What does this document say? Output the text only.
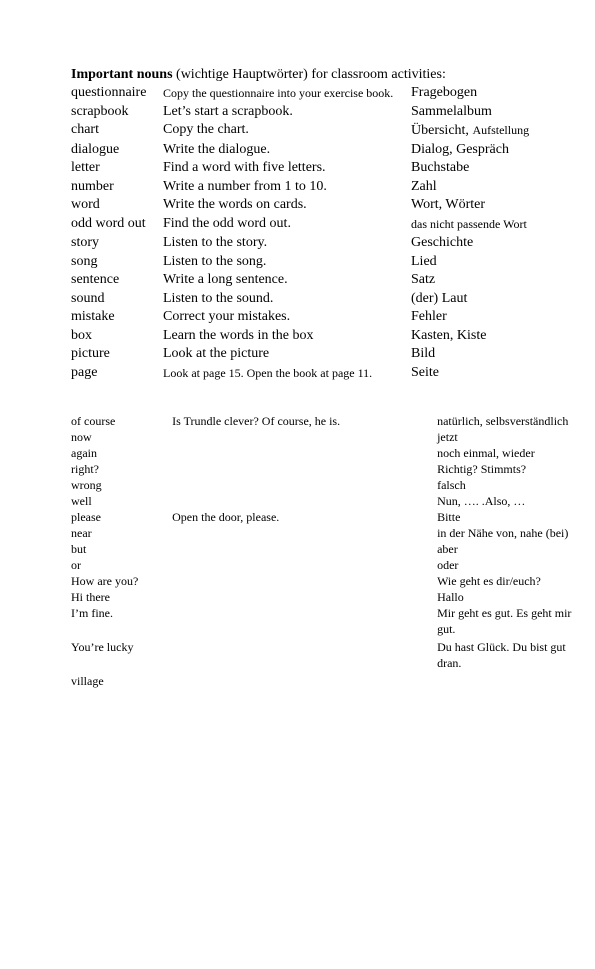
Important nouns (wichtige Hauptwörter) for classroom activities:
questionnaire	Copy the questionnaire into your exercise book.	Fragebogen
scrapbook	Let’s start a scrapbook.	Sammelalbum
chart	Copy the chart.	Übersicht, Aufstellung
dialogue	Write the dialogue.	Dialog, Gespräch
letter	Find a word with five letters.	Buchstabe
number	Write a number from 1 to 10.	Zahl
word	Write the words on cards.	Wort, Wörter
odd word out	Find the odd word out.	das nicht passende Wort
story	Listen to the story.	Geschichte
song	Listen to the song.	Lied
sentence	Write a long sentence.	Satz
sound	Listen to the sound.	(der) Laut
mistake	Correct your mistakes.	Fehler
box	Learn the words in the box	Kasten, Kiste
picture	Look at the picture	Bild
page	Look at page 15. Open the book at page 11.	Seite
of course	Is Trundle clever? Of course, he is.	natürlich, selbsverständlich
now		jetzt
again		noch einmal, wieder
right?		Richtig? Stimmts?
wrong		falsch
well		Nun, …. .Also, …
please	Open the door, please.	Bitte
near		in der Nähe von, nahe (bei)
but		aber
or		oder
How are you?		Wie geht es dir/euch?
Hi there		Hallo
I’m fine.		Mir geht es gut. Es geht mir gut.
You’re lucky		Du hast Glück. Du bist gut dran.
village		
